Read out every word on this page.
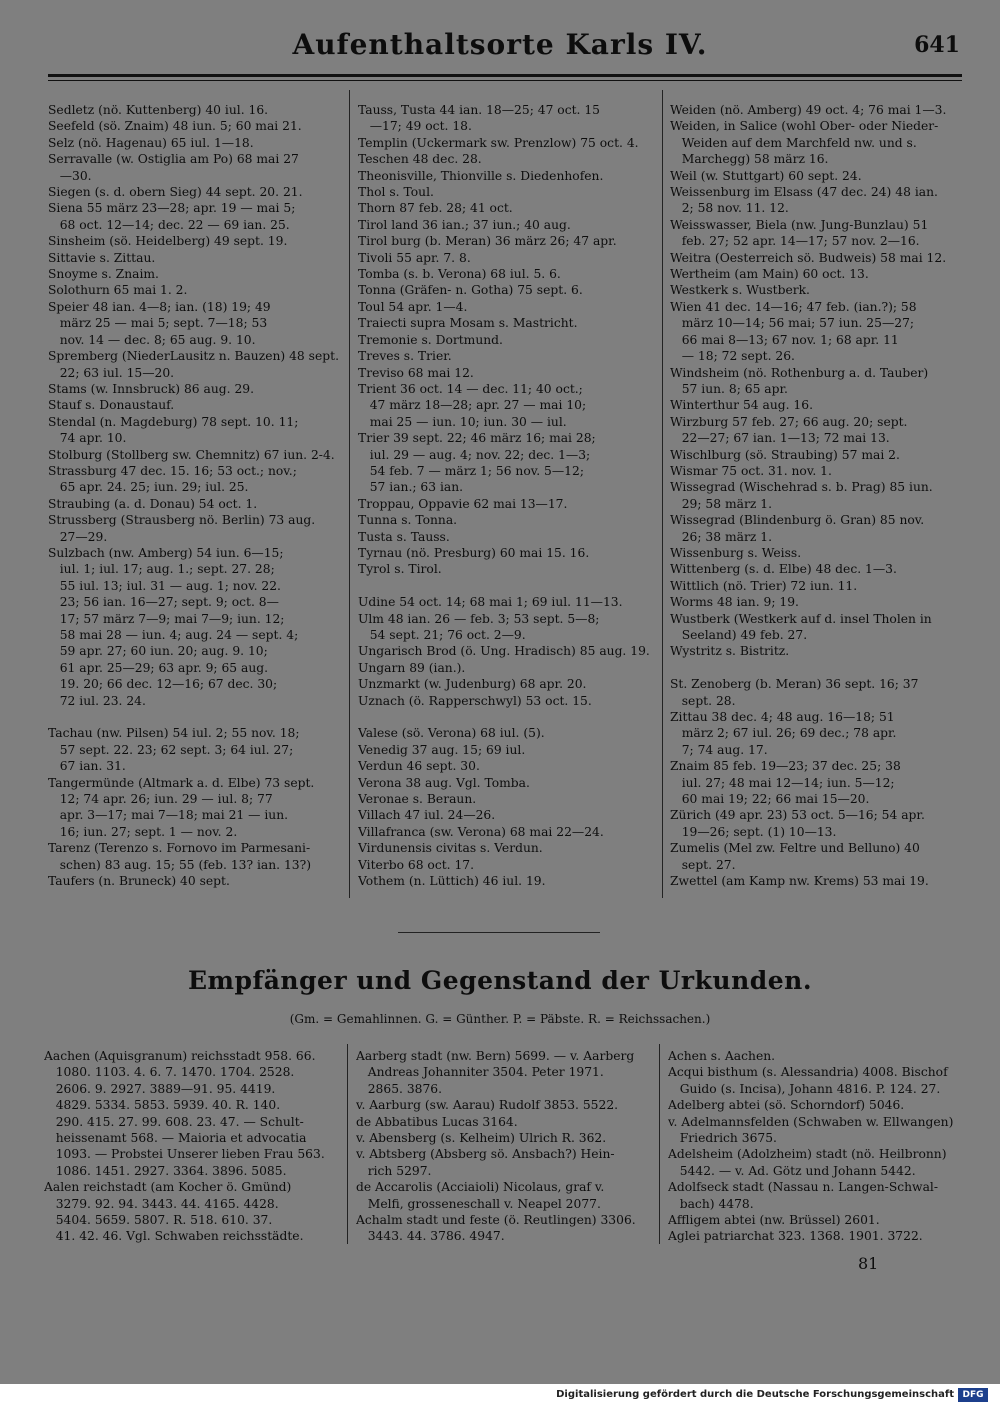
Aufenthaltsorte Karls IV.	641
Sedletz (nö. Kuttenberg) 40 iul. 16.
Seefeld (sö. Znaim) 48 iun. 5; 60 mai 21.
Selz (nö. Hagenau) 65 iul. 1—18.
Serravalle (w. Ostiglia am Po) 68 mai 27
—30.
Siegen (s. d. obern Sieg) 44 sept. 20. 21.
Siena 55 märz 23—28; apr. 19 — mai 5;
68 oct. 12—14; dec. 22 — 69 ian. 25.
Sinsheim (sö. Heidelberg) 49 sept. 19.
Sittavie s. Zittau.
Snoyme s. Znaim.
Solothurn 65 mai 1. 2.
Speier 48 ian. 4—8; ian. (18) 19; 49
märz 25 — mai 5; sept. 7—18; 53
nov. 14 — dec. 8; 65 aug. 9. 10.
Spremberg (NiederLausitz n. Bauzen) 48 sept.
22; 63 iul. 15—20.
Stams (w. Innsbruck) 86 aug. 29.
Stauf s. Donaustauf.
Stendal (n. Magdeburg) 78 sept. 10. 11;
74 apr. 10.
Stolburg (Stollberg sw. Chemnitz) 67 iun. 2-4.
Strassburg 47 dec. 15. 16; 53 oct.; nov.;
65 apr. 24. 25; iun. 29; iul. 25.
Straubing (a. d. Donau) 54 oct. 1.
Strussberg (Strausberg nö. Berlin) 73 aug.
27—29.
Sulzbach (nw. Amberg) 54 iun. 6—15;
iul. 1; iul. 17; aug. 1.; sept. 27. 28;
55 iul. 13; iul. 31 — aug. 1; nov. 22.
23; 56 ian. 16—27; sept. 9; oct. 8—
17; 57 märz 7—9; mai 7—9; iun. 12;
58 mai 28 — iun. 4; aug. 24 — sept. 4;
59 apr. 27; 60 iun. 20; aug. 9. 10;
61 apr. 25—29; 63 apr. 9; 65 aug.
19. 20; 66 dec. 12—16; 67 dec. 30;
72 iul. 23. 24.

Tachau (nw. Pilsen) 54 iul. 2; 55 nov. 18;
57 sept. 22. 23; 62 sept. 3; 64 iul. 27;
67 ian. 31.
Tangermünde (Altmark a. d. Elbe) 73 sept.
12; 74 apr. 26; iun. 29 — iul. 8; 77
apr. 3—17; mai 7—18; mai 21 — iun.
16; iun. 27; sept. 1 — nov. 2.
Tarenz (Terenzo s. Fornovo im Parmesani-
schen) 83 aug. 15; 55 (feb. 13? ian. 13?)
Taufers (n. Bruneck) 40 sept.
Tauss, Tusta 44 ian. 18—25; 47 oct. 15
—17; 49 oct. 18.
Templin (Uckermark sw. Prenzlow) 75 oct. 4.
Teschen 48 dec. 28.
Theonisville, Thionville s. Diedenhofen.
Thol s. Toul.
Thorn 87 feb. 28; 41 oct.
Tirol land 36 ian.; 37 iun.; 40 aug.
Tirol burg (b. Meran) 36 märz 26; 47 apr.
Tivoli 55 apr. 7. 8.
Tomba (s. b. Verona) 68 iul. 5. 6.
Tonna (Gräfen- n. Gotha) 75 sept. 6.
Toul 54 apr. 1—4.
Traiecti supra Mosam s. Mastricht.
Tremonie s. Dortmund.
Treves s. Trier.
Treviso 68 mai 12.
Trient 36 oct. 14 — dec. 11; 40 oct.;
47 märz 18—28; apr. 27 — mai 10;
mai 25 — iun. 10; iun. 30 — iul.
Trier 39 sept. 22; 46 märz 16; mai 28;
iul. 29 — aug. 4; nov. 22; dec. 1—3;
54 feb. 7 — märz 1; 56 nov. 5—12;
57 ian.; 63 ian.
Troppau, Oppavie 62 mai 13—17.
Tunna s. Tonna.
Tusta s. Tauss.
Tyrnau (nö. Presburg) 60 mai 15. 16.
Tyrol s. Tirol.

Udine 54 oct. 14; 68 mai 1; 69 iul. 11—13.
Ulm 48 ian. 26 — feb. 3; 53 sept. 5—8;
54 sept. 21; 76 oct. 2—9.
Ungarisch Brod (ö. Ung. Hradisch) 85 aug. 19.
Ungarn 89 (ian.).
Unzmarkt (w. Judenburg) 68 apr. 20.
Uznach (ö. Rapperschwyl) 53 oct. 15.

Valese (sö. Verona) 68 iul. (5).
Venedig 37 aug. 15; 69 iul.
Verdun 46 sept. 30.
Verona 38 aug. Vgl. Tomba.
Veronae s. Beraun.
Villach 47 iul. 24—26.
Villafranca (sw. Verona) 68 mai 22—24.
Virdunensis civitas s. Verdun.
Viterbo 68 oct. 17.
Vothem (n. Lüttich) 46 iul. 19.
Weiden (nö. Amberg) 49 oct. 4; 76 mai 1—3.
Weiden, in Salice (wohl Ober- oder Nieder-
Weiden auf dem Marchfeld nw. und s.
Marchegg) 58 märz 16.
Weil (w. Stuttgart) 60 sept. 24.
Weissenburg im Elsass (47 dec. 24) 48 ian.
2; 58 nov. 11. 12.
Weisswasser, Biela (nw. Jung-Bunzlau) 51
feb. 27; 52 apr. 14—17; 57 nov. 2—16.
Weitra (Oesterreich sö. Budweis) 58 mai 12.
Wertheim (am Main) 60 oct. 13.
Westkerk s. Wustberk.
Wien 41 dec. 14—16; 47 feb. (ian.?); 58
märz 10—14; 56 mai; 57 iun. 25—27;
66 mai 8—13; 67 nov. 1; 68 apr. 11
— 18; 72 sept. 26.
Windsheim (nö. Rothenburg a. d. Tauber)
57 iun. 8; 65 apr.
Winterthur 54 aug. 16.
Wirzburg 57 feb. 27; 66 aug. 20; sept.
22—27; 67 ian. 1—13; 72 mai 13.
Wischlburg (sö. Straubing) 57 mai 2.
Wismar 75 oct. 31. nov. 1.
Wissegrad (Wischehrad s. b. Prag) 85 iun.
29; 58 märz 1.
Wissegrad (Blindenburg ö. Gran) 85 nov.
26; 38 märz 1.
Wissenburg s. Weiss.
Wittenberg (s. d. Elbe) 48 dec. 1—3.
Wittlich (nö. Trier) 72 iun. 11.
Worms 48 ian. 9; 19.
Wustberk (Westkerk auf d. insel Tholen in
Seeland) 49 feb. 27.
Wystritz s. Bistritz.

St. Zenoberg (b. Meran) 36 sept. 16; 37
sept. 28.
Zittau 38 dec. 4; 48 aug. 16—18; 51
märz 2; 67 iul. 26; 69 dec.; 78 apr.
7; 74 aug. 17.
Znaim 85 feb. 19—23; 37 dec. 25; 38
iul. 27; 48 mai 12—14; iun. 5—12;
60 mai 19; 22; 66 mai 15—20.
Zürich (49 apr. 23) 53 oct. 5—16; 54 apr.
19—26; sept. (1) 10—13.
Zumelis (Mel zw. Feltre und Belluno) 40
sept. 27.
Zwettel (am Kamp nw. Krems) 53 mai 19.
Empfänger und Gegenstand der Urkunden.
(Gm. = Gemahlinnen. G. = Günther. P. = Päbste. R. = Reichssachen.)
Aachen (Aquisgranum) reichsstadt 958. 66.
1080. 1103. 4. 6. 7. 1470. 1704. 2528.
2606. 9. 2927. 3889—91. 95. 4419.
4829. 5334. 5853. 5939. 40. R. 140.
290. 415. 27. 99. 608. 23. 47. — Schult-
heissenamt 568. — Maioria et advocatia
1093. — Probstei Unserer lieben Frau 563.
1086. 1451. 2927. 3364. 3896. 5085.
Aalen reichstadt (am Kocher ö. Gmünd)
3279. 92. 94. 3443. 44. 4165. 4428.
5404. 5659. 5807. R. 518. 610. 37.
41. 42. 46. Vgl. Schwaben reichsstädte.
Aarberg stadt (nw. Bern) 5699. — v. Aarberg
Andreas Johanniter 3504. Peter 1971.
2865. 3876.
v. Aarburg (sw. Aarau) Rudolf 3853. 5522.
de Abbatibus Lucas 3164.
v. Abensberg (s. Kelheim) Ulrich R. 362.
v. Abtsberg (Absberg sö. Ansbach?) Hein-
rich 5297.
de Accarolis (Acciaioli) Nicolaus, graf v.
Melfi, grosseneschall v. Neapel 2077.
Achalm stadt und feste (ö. Reutlingen) 3306.
3443. 44. 3786. 4947.
Achen s. Aachen.
Acqui bisthum (s. Alessandria) 4008. Bischof
Guido (s. Incisa), Johann 4816. P. 124. 27.
Adelberg abtei (sö. Schorndorf) 5046.
v. Adelmannsfelden (Schwaben w. Ellwangen)
Friedrich 3675.
Adelsheim (Adolzheim) stadt (nö. Heilbronn)
5442. — v. Ad. Götz und Johann 5442.
Adolfseck stadt (Nassau n. Langen-Schwal-
bach) 4478.
Affligem abtei (nw. Brüssel) 2601.
Aglei patriarchat 323. 1368. 1901. 3722.
81
Digitalisierung gefördert durch die Deutsche Forschungsgemeinschaft DFG
